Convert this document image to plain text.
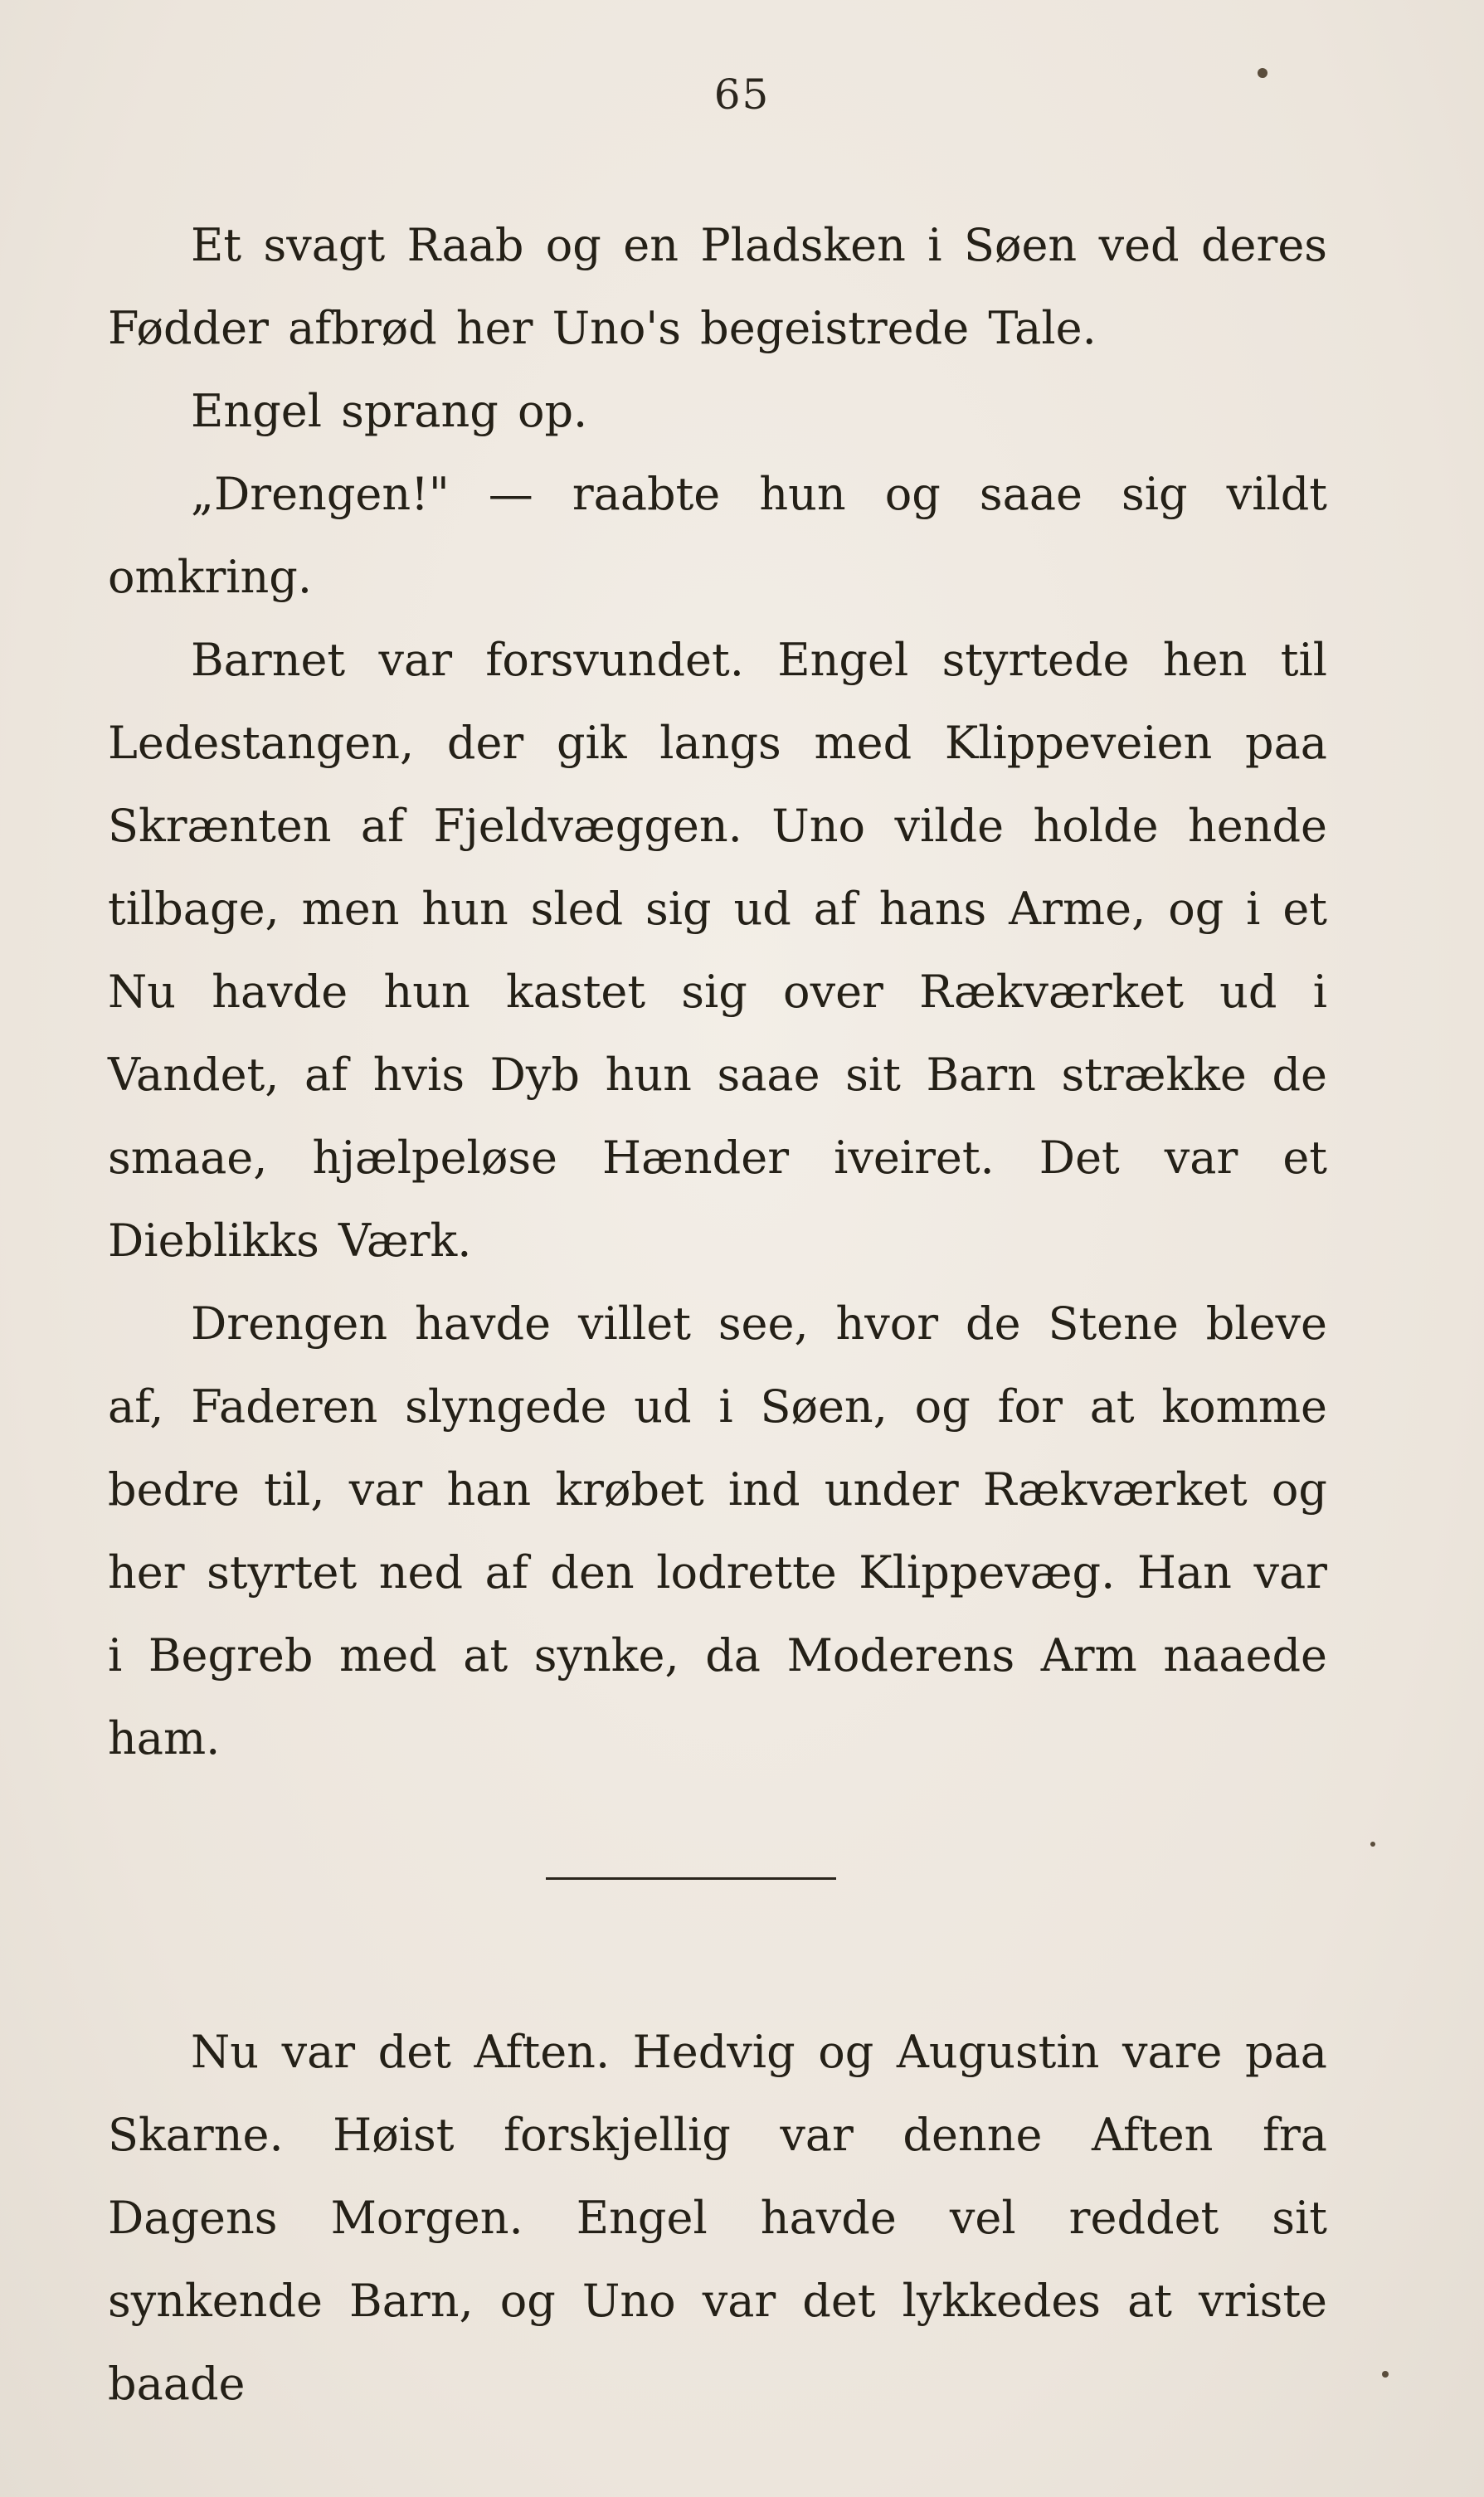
65

Et svagt Raab og en Pladsken i Søen ved deres Fødder afbrød her Uno's begeistrede Tale.

Engel sprang op.

„Drengen!" — raabte hun og saae sig vildt omkring.

Barnet var forsvundet. Engel styrtede hen til Ledestangen, der gik langs med Klippeveien paa Skrænten af Fjeldvæggen. Uno vilde holde hende tilbage, men hun sled sig ud af hans Arme, og i et Nu havde hun kastet sig over Rækværket ud i Vandet, af hvis Dyb hun saae sit Barn strække de smaae, hjælpeløse Hænder iveiret. Det var et Dieblikks Værk.

Drengen havde villet see, hvor de Stene bleve af, Faderen slyngede ud i Søen, og for at komme bedre til, var han krøbet ind under Rækværket og her styrtet ned af den lodrette Klippevæg. Han var i Begreb med at synke, da Moderens Arm naaede ham.

Nu var det Aften. Hedvig og Augustin vare paa Skarne. Høist forskjellig var denne Aften fra Dagens Morgen. Engel havde vel reddet sit synkende Barn, og Uno var det lykkedes at vriste baade
